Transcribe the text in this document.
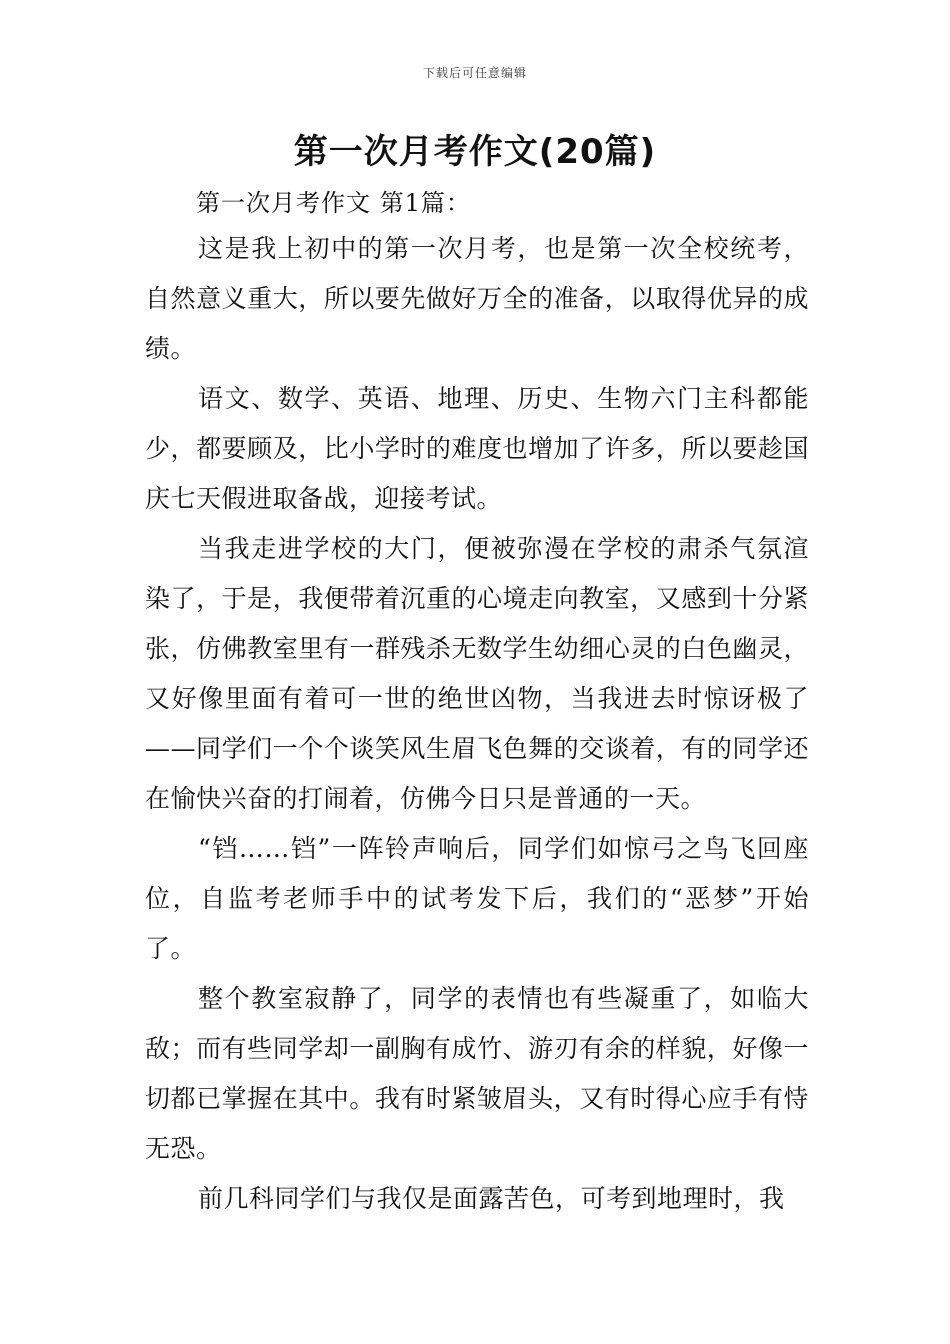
下载后可任意编辑
第一次月考作文(20篇)
第一次月考作文 第1篇：

这是我上初中的第一次月考，也是第一次全校统考，自然意义重大，所以要先做好万全的准备，以取得优异的成绩。

语文、数学、英语、地理、历史、生物六门主科都能少，都要顾及，比小学时的难度也增加了许多，所以要趁国庆七天假进取备战，迎接考试。

当我走进学校的大门，便被弥漫在学校的肃杀气氛渲染了，于是，我便带着沉重的心境走向教室，又感到十分紧张，仿佛教室里有一群残杀无数学生幼细心灵的白色幽灵，又好像里面有着可一世的绝世凶物，当我进去时惊讶极了——同学们一个个谈笑风生眉飞色舞的交谈着，有的同学还在愉快兴奋的打闹着，仿佛今日只是普通的一天。

“铛……铛”一阵铃声响后，同学们如惊弓之鸟飞回座位，自监考老师手中的试考发下后，我们的“恶梦”开始了。

整个教室寂静了，同学的表情也有些凝重了，如临大敌；而有些同学却一副胸有成竹、游刃有余的样貌，好像一切都已掌握在其中。我有时紧皱眉头，又有时得心应手有恃无恐。

前几科同学们与我仅是面露苦色，可考到地理时，我
